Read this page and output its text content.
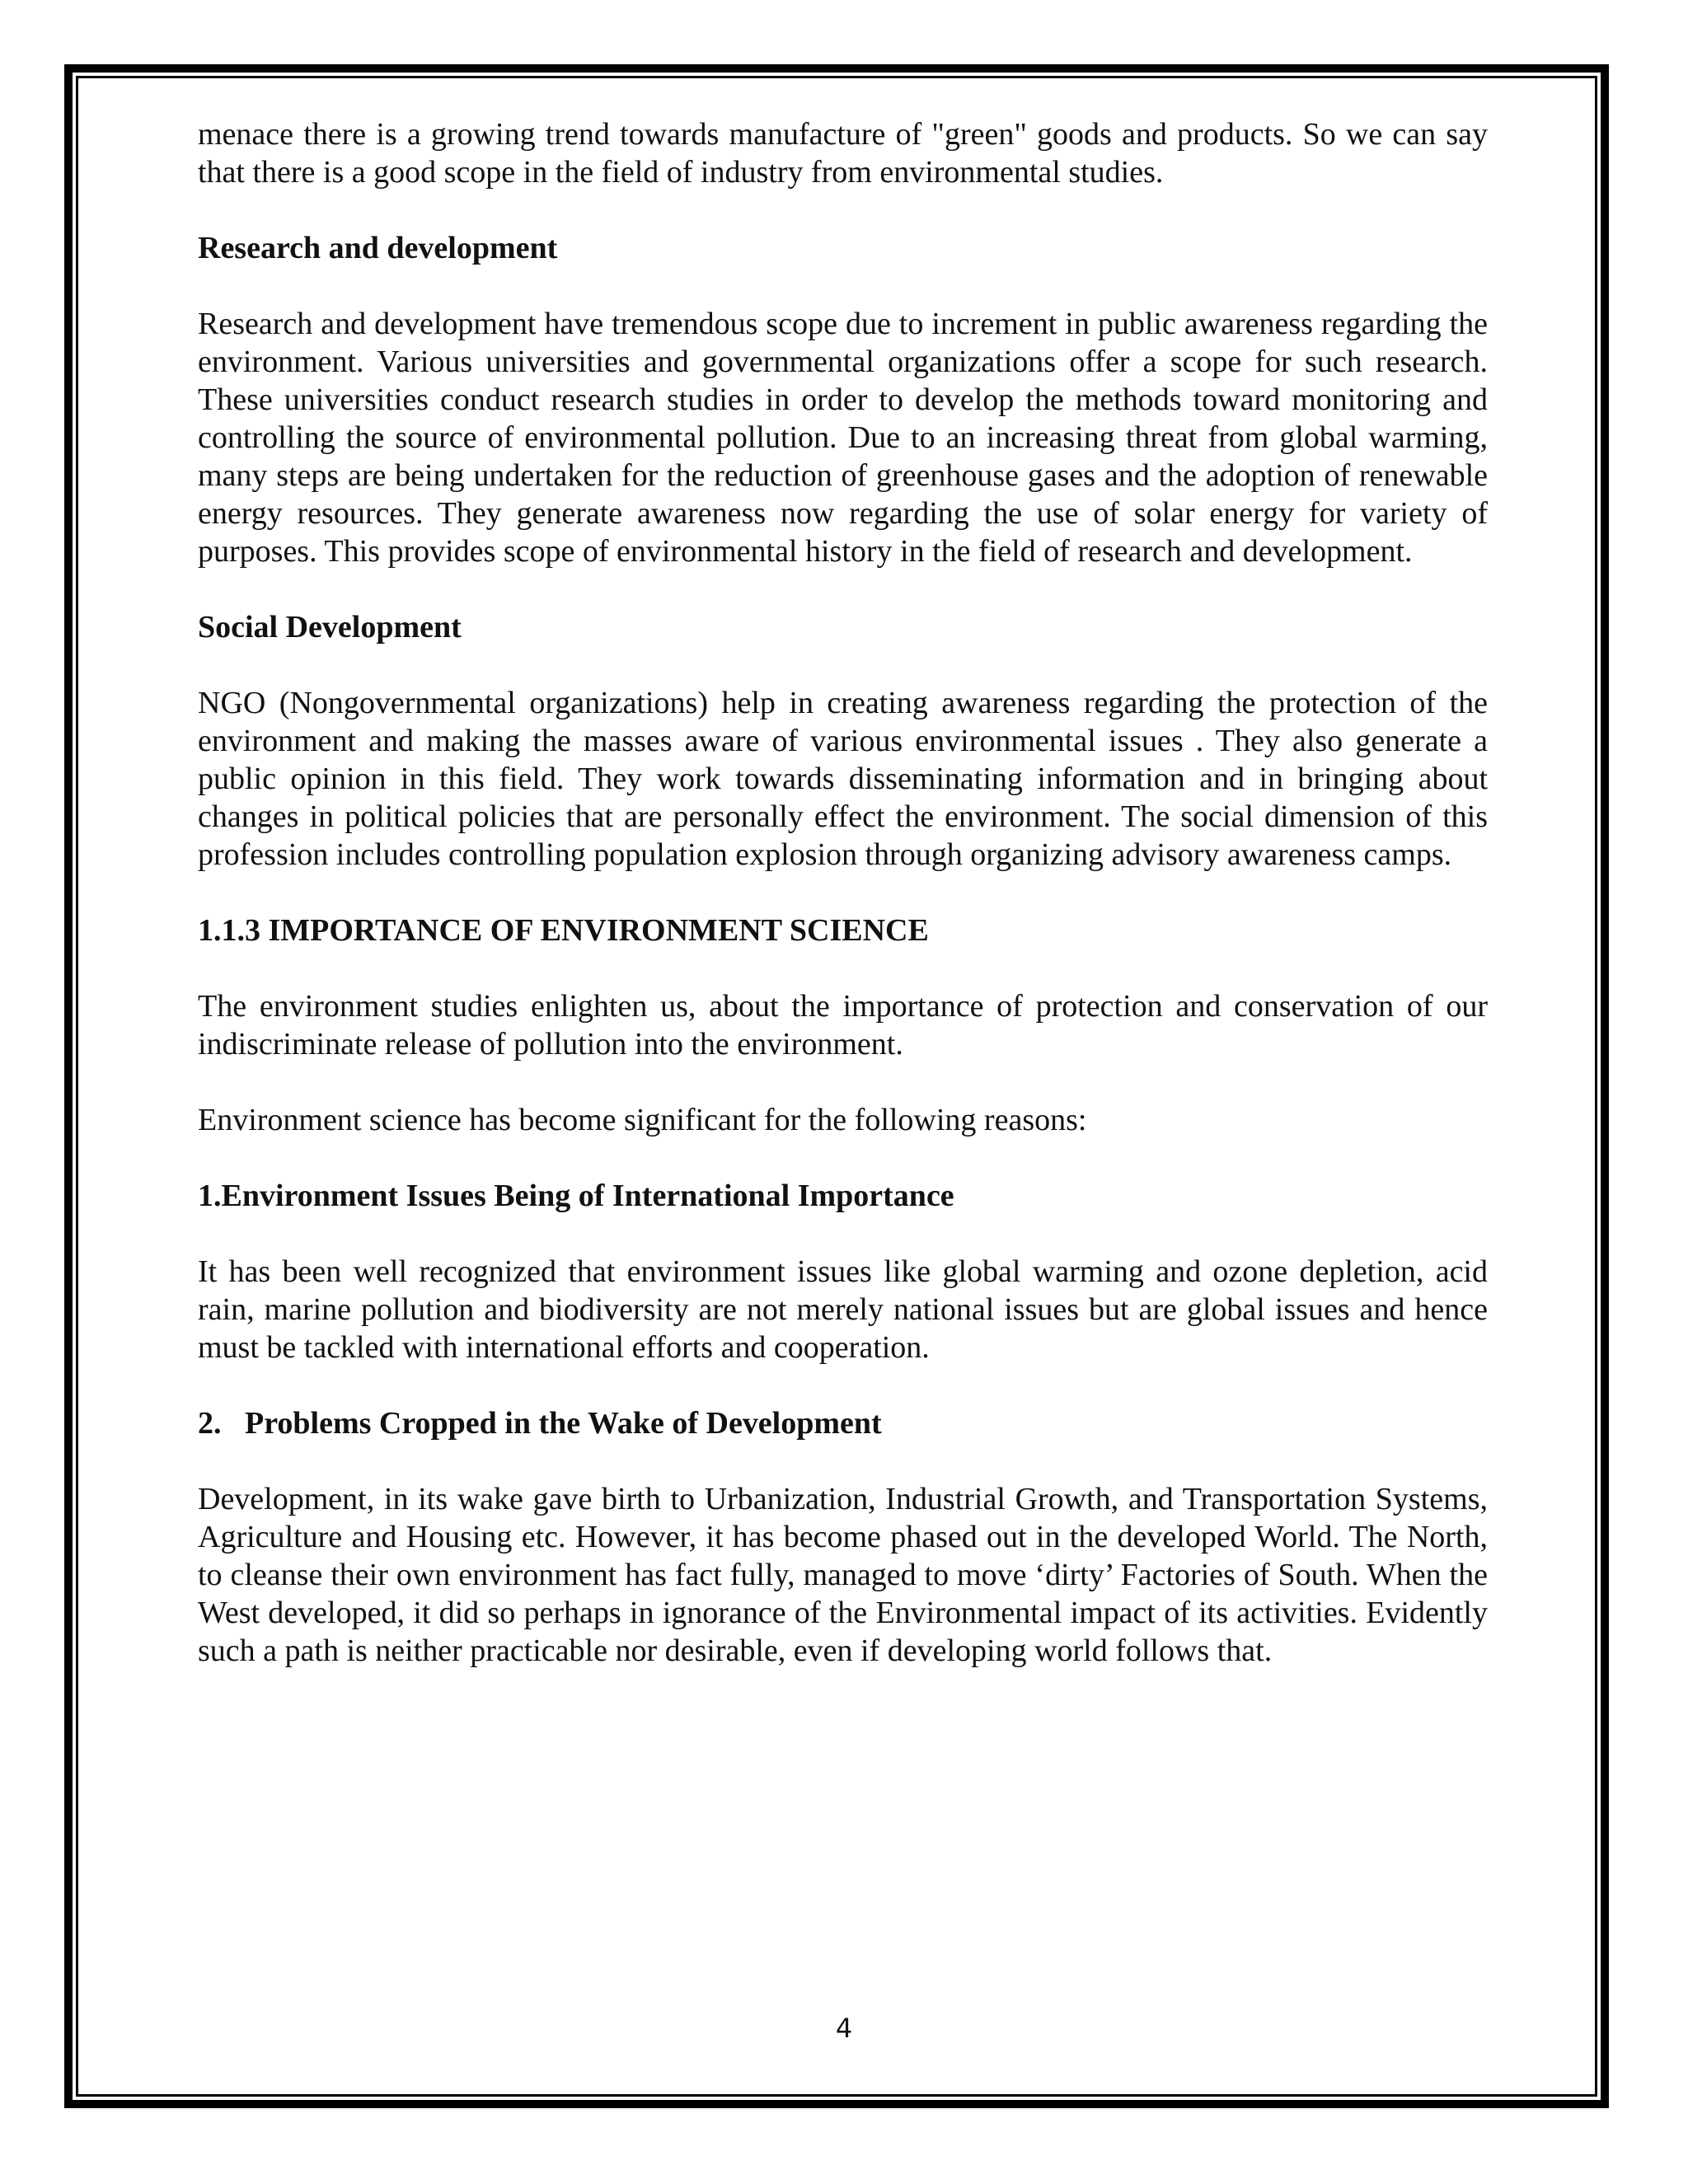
menace there is a growing trend towards manufacture of "green" goods and products. So we can say that there is a good scope in the field of industry from environmental studies.

Research and development

Research and development have tremendous scope due to increment in public awareness regarding the environment. Various universities and governmental organizations offer a scope for such research. These universities conduct research studies in order to develop the methods toward monitoring and controlling the source of environmental pollution. Due to an increasing threat from global warming, many steps are being undertaken for the reduction of greenhouse gases and the adoption of renewable energy resources. They generate awareness now regarding the use of solar energy for variety of purposes. This provides scope of environmental history in the field of research and development.

Social Development

NGO (Nongovernmental organizations) help in creating awareness regarding the protection of the environment and making the masses aware of various environmental issues . They also generate a public opinion in this field. They work towards disseminating information and in bringing about changes in political policies that are personally effect the environment. The social dimension of this profession includes controlling population explosion through organizing advisory awareness camps.

1.1.3 IMPORTANCE OF ENVIRONMENT SCIENCE

The environment studies enlighten us, about the importance of protection and conservation of our indiscriminate release of pollution into the environment.

Environment science has become significant for the following reasons:

1.Environment Issues Being of International Importance

It has been well recognized that environment issues like global warming and ozone depletion, acid rain, marine pollution and biodiversity are not merely national issues but are global issues and hence must be tackled with international efforts and cooperation.

2.   Problems Cropped in the Wake of Development

Development, in its wake gave birth to Urbanization, Industrial Growth, and Transportation Systems, Agriculture and Housing etc. However, it has become phased out in the developed World. The North, to cleanse their own environment has fact fully, managed to move ‘dirty’ Factories of South. When the West developed, it did so perhaps in ignorance of the Environmental impact of its activities. Evidently such a path is neither practicable nor desirable, even if developing world follows that.

4
